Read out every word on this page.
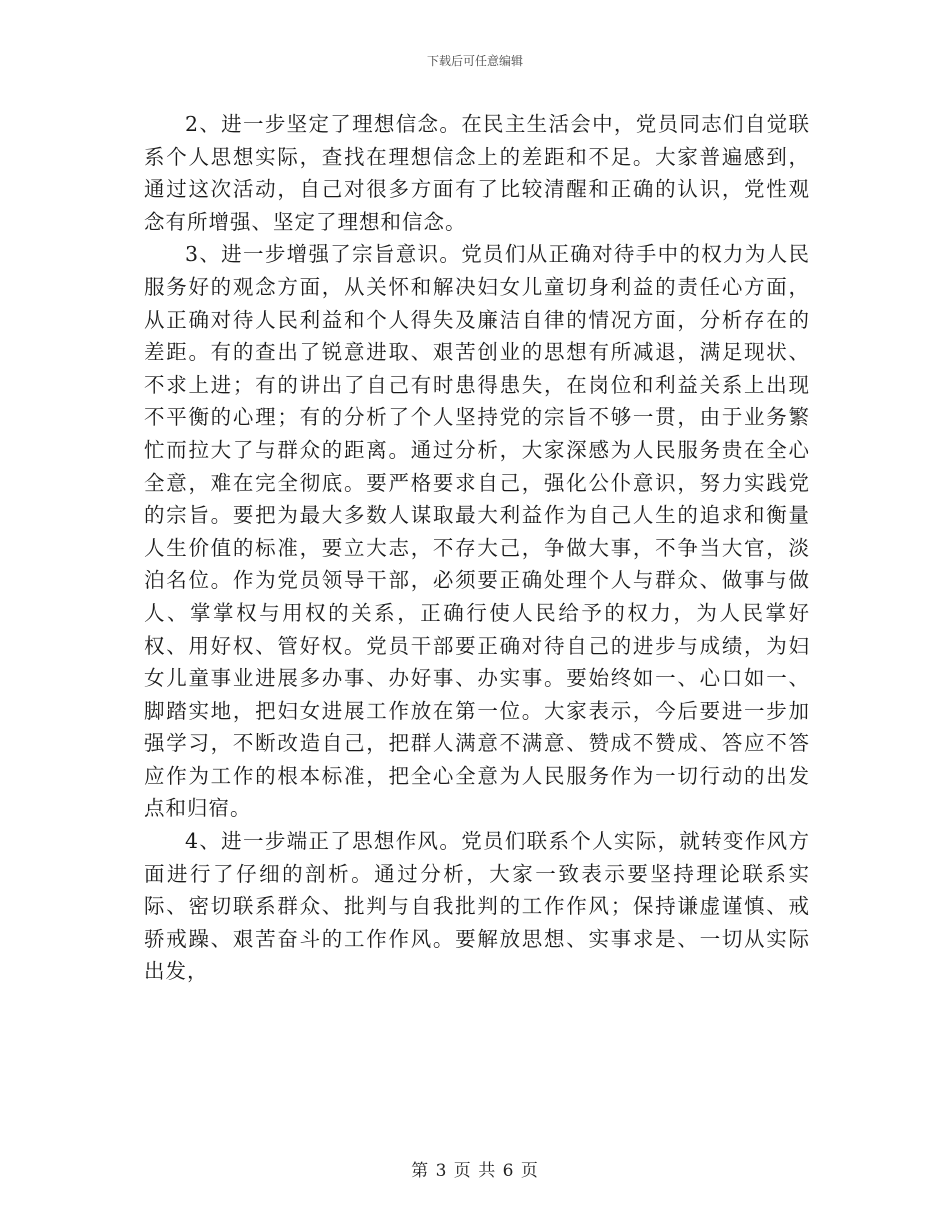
下载后可任意编辑

2、进一步坚定了理想信念。在民主生活会中，党员同志们自觉联系个人思想实际，查找在理想信念上的差距和不足。大家普遍感到，通过这次活动，自己对很多方面有了比较清醒和正确的认识，党性观念有所增强、坚定了理想和信念。

3、进一步增强了宗旨意识。党员们从正确对待手中的权力为人民服务好的观念方面，从关怀和解决妇女儿童切身利益的责任心方面，从正确对待人民利益和个人得失及廉洁自律的情况方面，分析存在的差距。有的查出了锐意进取、艰苦创业的思想有所减退，满足现状、不求上进；有的讲出了自己有时患得患失，在岗位和利益关系上出现不平衡的心理；有的分析了个人坚持党的宗旨不够一贯，由于业务繁忙而拉大了与群众的距离。通过分析，大家深感为人民服务贵在全心全意，难在完全彻底。要严格要求自己，强化公仆意识，努力实践党的宗旨。要把为最大多数人谋取最大利益作为自己人生的追求和衡量人生价值的标准，要立大志，不存大己，争做大事，不争当大官，淡泊名位。作为党员领导干部，必须要正确处理个人与群众、做事与做人、掌掌权与用权的关系，正确行使人民给予的权力，为人民掌好权、用好权、管好权。党员干部要正确对待自己的进步与成绩，为妇女儿童事业进展多办事、办好事、办实事。要始终如一、心口如一、脚踏实地，把妇女进展工作放在第一位。大家表示，今后要进一步加强学习，不断改造自己，把群人满意不满意、赞成不赞成、答应不答应作为工作的根本标准，把全心全意为人民服务作为一切行动的出发点和归宿。

4、进一步端正了思想作风。党员们联系个人实际，就转变作风方面进行了仔细的剖析。通过分析，大家一致表示要坚持理论联系实际、密切联系群众、批判与自我批判的工作作风；保持谦虚谨慎、戒骄戒躁、艰苦奋斗的工作作风。要解放思想、实事求是、一切从实际出发，

第 3 页 共 6 页
